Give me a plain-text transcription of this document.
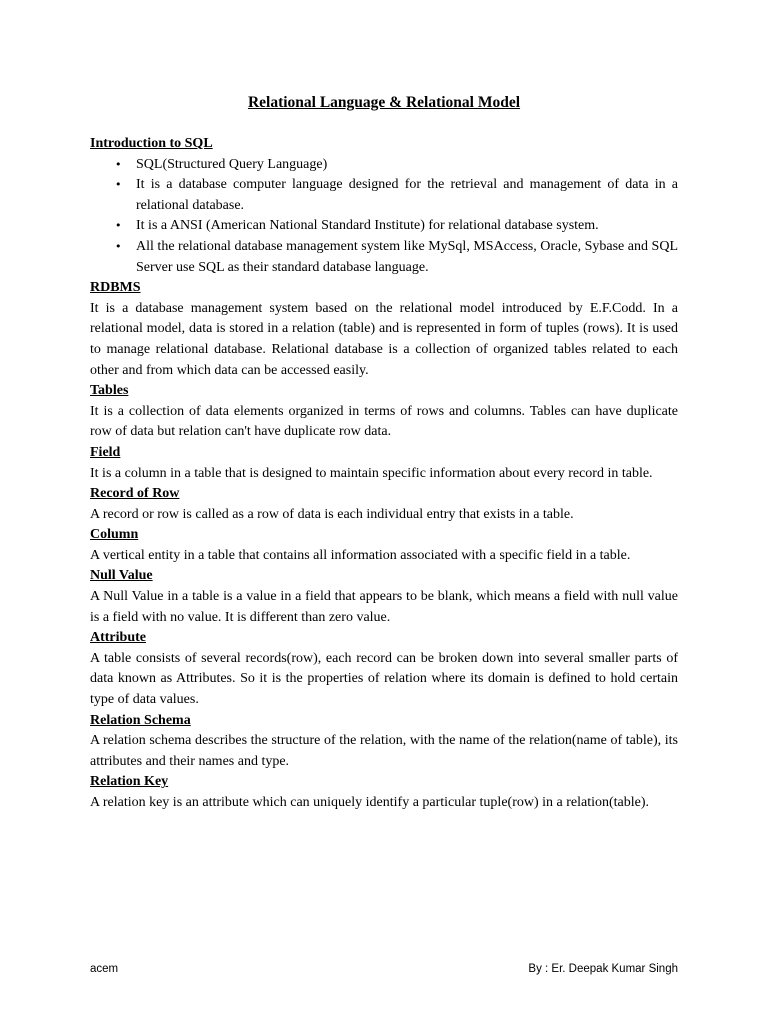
Relational Language & Relational Model
Introduction to SQL
• SQL(Structured Query Language)
• It is a database computer language designed for the retrieval and management of data in a relational database.
• It is a ANSI (American National Standard Institute) for relational database system.
• All the relational database management system like MySql, MSAccess, Oracle, Sybase and SQL Server use SQL as their standard database language.
RDBMS

It is a database management system based on the relational model introduced by E.F.Codd. In a relational model, data is stored in a relation (table) and is represented in form of tuples (rows). It is used to manage relational database. Relational database is a collection of organized tables related to each other and from which data can be accessed easily.

Tables

It is a collection of data elements organized in terms of rows and columns. Tables can have duplicate row of data but relation can't have duplicate row data.

Field

It is a column in a table that is designed to maintain specific information about every record in table.

Record of Row

A record or row is called as a row of data is each individual entry that exists in a table.

Column

A vertical entity in a table that contains all information associated with a specific field in a table.

Null Value

A Null Value in a table is a value in a field that appears to be blank, which means a field with null value is a field with no value. It is different than zero value.

Attribute

A table consists of several records(row), each record can be broken down into several smaller parts of data known as Attributes. So it is the properties of relation where its domain is defined to hold certain type of data values.

Relation Schema

A relation schema describes the structure of the relation, with the name of the relation(name of table), its attributes and their names and type.

Relation Key

A relation key is an attribute which can uniquely identify a particular tuple(row) in a relation(table).

acem	By : Er. Deepak Kumar Singh
